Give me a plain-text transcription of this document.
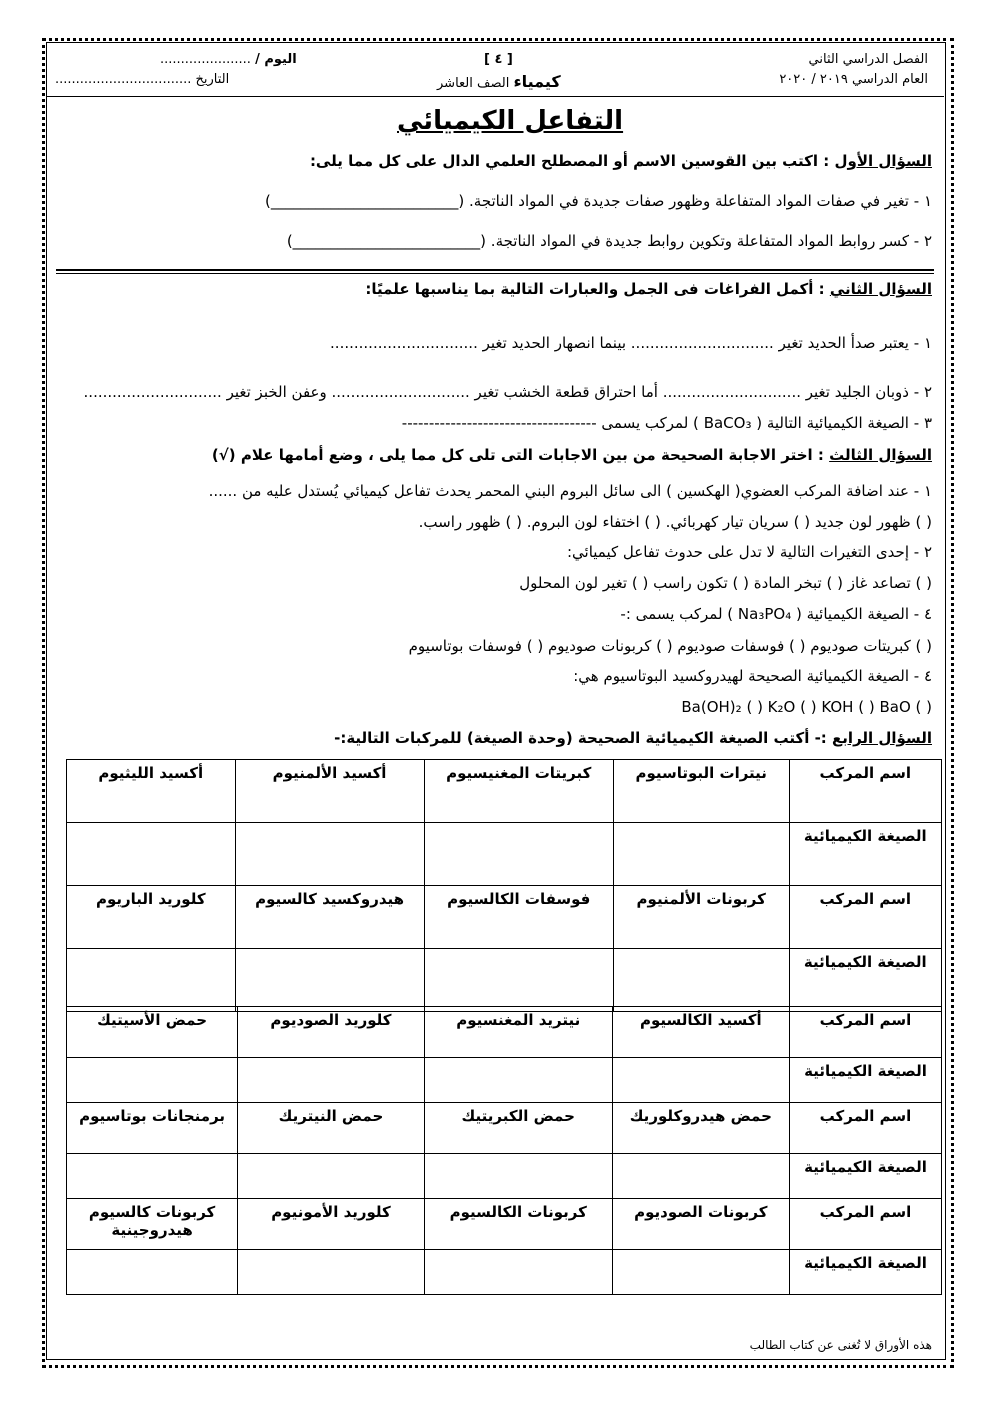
الفصل الدراسي الثاني
العام الدراسي ٢٠١٩ / ٢٠٢٠
[ ٤ ]
كيمياء الصف العاشر
اليوم / ......................
التاريخ .................................
التفاعل الكيميائي
السؤال الأول : اكتب بين القوسين الاسم أو المصطلح العلمي الدال على كل مما يلى:
١ - تغير في صفات المواد المتفاعلة وظهور صفات جديدة في المواد الناتجة. (_________________________)
٢ - كسر روابط المواد المتفاعلة وتكوين روابط جديدة في المواد الناتجة. (_________________________)
السؤال الثاني : أكمل الفراغات فى الجمل والعبارات التالية بما يناسبها علميًا:
١ - يعتبر صدأ الحديد تغير .............................. بينما انصهار الحديد تغير ...............................
٢ - ذوبان الجليد تغير ............................. أما احتراق قطعة الخشب تغير ............................. وعفن الخبز تغير .............................
٣ - الصيغة الكيميائية التالية ( BaCO₃ ) لمركب يسمى ------------------------------------
السؤال الثالث : اختر الاجابة الصحيحة من بين الاجابات التى تلى كل مما يلى ، وضع أمامها علام (√)
١ - عند اضافة المركب العضوي( الهكسين ) الى سائل البروم البني المحمر يحدث تفاعل كيميائي يُستدل عليه من ......
( ) ظهور لون جديد ( ) سريان تيار كهربائي. ( ) اختفاء لون البروم. ( ) ظهور راسب.
٢ - إحدى التغيرات التالية لا تدل على حدوث تفاعل كيميائي:
( ) تصاعد غاز ( ) تبخر المادة ( ) تكون راسب ( ) تغير لون المحلول
٤ - الصيغة الكيميائية ( Na₃PO₄ ) لمركب يسمى :-
( ) كبريتات صوديوم ( ) فوسفات صوديوم ( ) كربونات صوديوم ( ) فوسفات بوتاسيوم
٤ - الصيغة الكيميائية الصحيحة لهيدروكسيد البوتاسيوم هي:
( ) Ba(OH)₂ ( ) K₂O ( ) KOH ( ) BaO
السؤال الرابع :- أكتب الصيغة الكيميائية الصحيحة (وحدة الصيغة) للمركبات التالية:-
اسم المركب	نيترات البوتاسيوم	كبريتات المغنيسيوم	أكسيد الألمنيوم	أكسيد الليثيوم
الصيغة الكيميائية				
اسم المركب	كربونات الألمنيوم	فوسفات الكالسيوم	هيدروكسيد كالسيوم	كلوريد الباريوم
الصيغة الكيميائية				
اسم المركب	أكسيد الكالسيوم	نيتريد المغنسيوم	كلوريد الصوديوم	حمض الأسيتيك
الصيغة الكيميائية				
اسم المركب	حمض هيدروكلوريك	حمض الكبريتيك	حمض النيتريك	برمنجانات بوتاسيوم
الصيغة الكيميائية				
اسم المركب	كربونات الصوديوم	كربونات الكالسيوم	كلوريد الأمونيوم	كربونات كالسيوم هيدروجينية
الصيغة الكيميائية				
هذه الأوراق لا تُغنى عن كتاب الطالب
